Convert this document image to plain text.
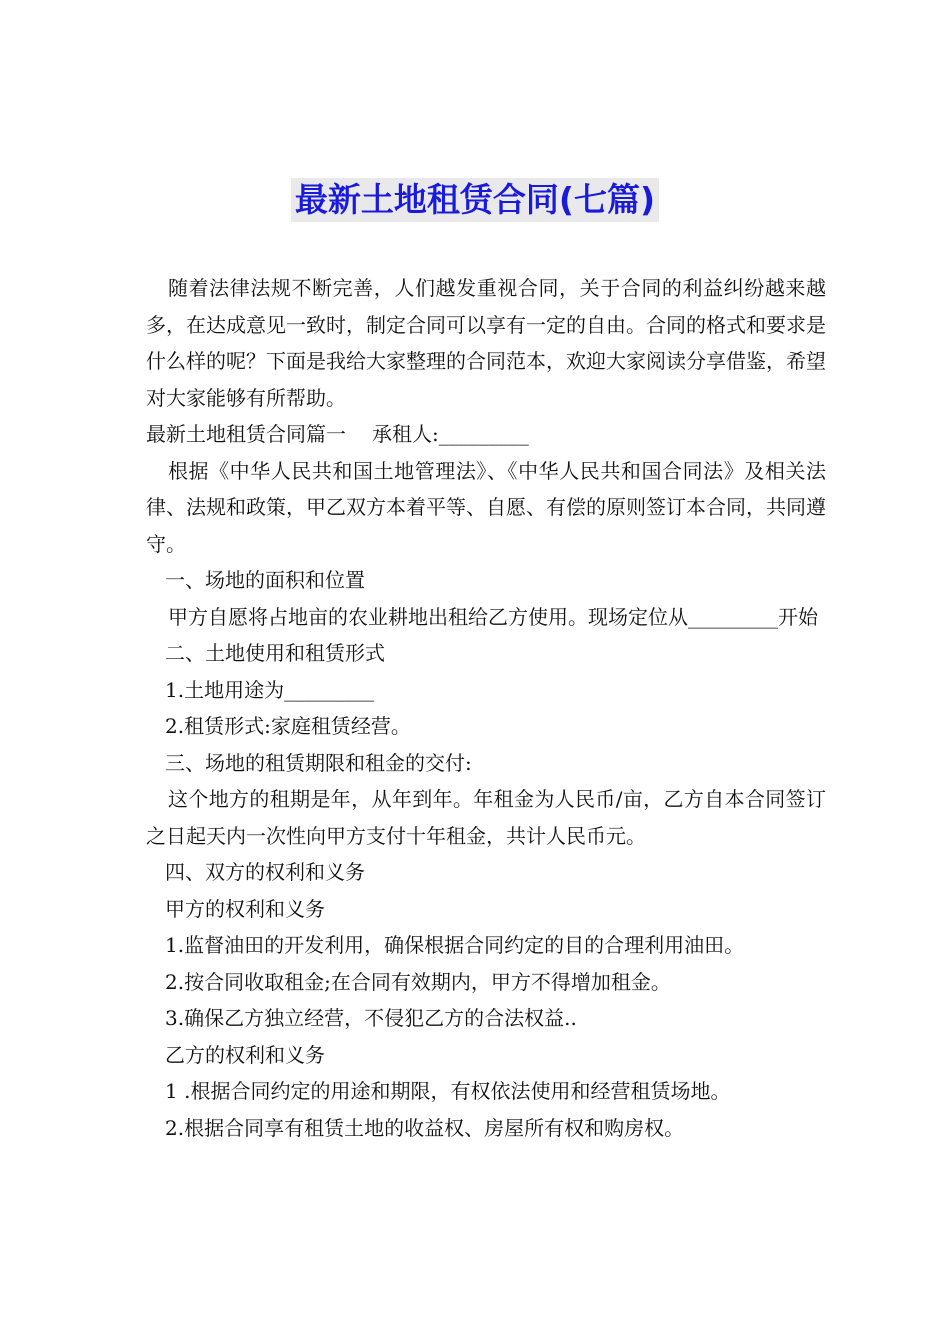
最新土地租赁合同(七篇)

随着法律法规不断完善，人们越发重视合同，关于合同的利益纠纷越来越多，在达成意见一致时，制定合同可以享有一定的自由。合同的格式和要求是什么样的呢？下面是我给大家整理的合同范本，欢迎大家阅读分享借鉴，希望对大家能够有所帮助。

最新土地租赁合同篇一 承租人:_________

根据《中华人民共和国土地管理法》、《中华人民共和国合同法》及相关法律、法规和政策，甲乙双方本着平等、自愿、有偿的原则签订本合同，共同遵守。

一、场地的面积和位置

甲方自愿将占地亩的农业耕地出租给乙方使用。现场定位从_________开始

二、土地使用和租赁形式

1.土地用途为_________

2.租赁形式:家庭租赁经营。

三、场地的租赁期限和租金的交付:

这个地方的租期是年，从年到年。年租金为人民币/亩，乙方自本合同签订之日起天内一次性向甲方支付十年租金，共计人民币元。

四、双方的权利和义务

甲方的权利和义务

1.监督油田的开发利用，确保根据合同约定的目的合理利用油田。

2.按合同收取租金;在合同有效期内，甲方不得增加租金。

3.确保乙方独立经营，不侵犯乙方的合法权益..

乙方的权利和义务

1 .根据合同约定的用途和期限，有权依法使用和经营租赁场地。

2.根据合同享有租赁土地的收益权、房屋所有权和购房权。
